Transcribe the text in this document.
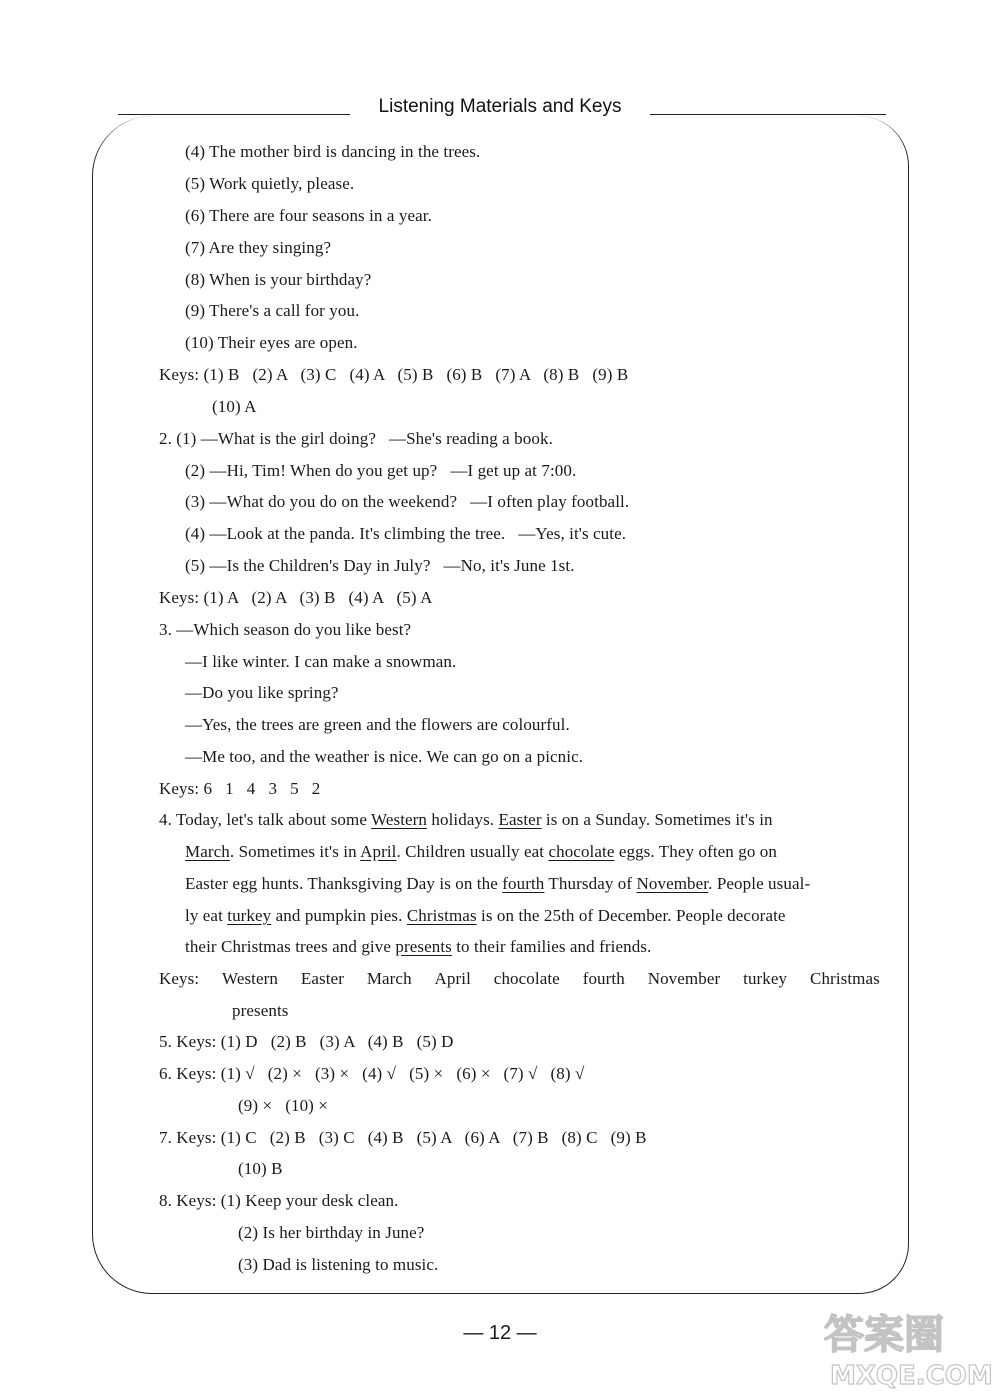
Listening Materials and Keys
(4) The mother bird is dancing in the trees.
(5) Work quietly, please.
(6) There are four seasons in a year.
(7) Are they singing?
(8) When is your birthday?
(9) There's a call for you.
(10) Their eyes are open.
Keys: (1) B   (2) A   (3) C   (4) A   (5) B   (6) B   (7) A   (8) B   (9) B
(10) A
2. (1) —What is the girl doing?   —She's reading a book.
(2) —Hi, Tim! When do you get up?   —I get up at 7:00.
(3) —What do you do on the weekend?   —I often play football.
(4) —Look at the panda. It's climbing the tree.   —Yes, it's cute.
(5) —Is the Children's Day in July?   —No, it's June 1st.
Keys: (1) A   (2) A   (3) B   (4) A   (5) A
3. —Which season do you like best?
—I like winter. I can make a snowman.
—Do you like spring?
—Yes, the trees are green and the flowers are colourful.
—Me too, and the weather is nice. We can go on a picnic.
Keys: 6   1   4   3   5   2
4. Today, let's talk about some Western holidays. Easter is on a Sunday. Sometimes it's in
March. Sometimes it's in April. Children usually eat chocolate eggs. They often go on
Easter egg hunts. Thanksgiving Day is on the fourth Thursday of November. People usual-
ly eat turkey and pumpkin pies. Christmas is on the 25th of December. People decorate
their Christmas trees and give presents to their families and friends.
Keys: Western Easter March April chocolate fourth November turkey Christmas
presents
5. Keys: (1) D   (2) B   (3) A   (4) B   (5) D
6. Keys: (1) √   (2) ×   (3) ×   (4) √   (5) ×   (6) ×   (7) √   (8) √
(9) ×   (10) ×
7. Keys: (1) C   (2) B   (3) C   (4) B   (5) A   (6) A   (7) B   (8) C   (9) B
(10) B
8. Keys: (1) Keep your desk clean.
(2) Is her birthday in June?
(3) Dad is listening to music.
— 12 —	答案圈
MXQE.COM
